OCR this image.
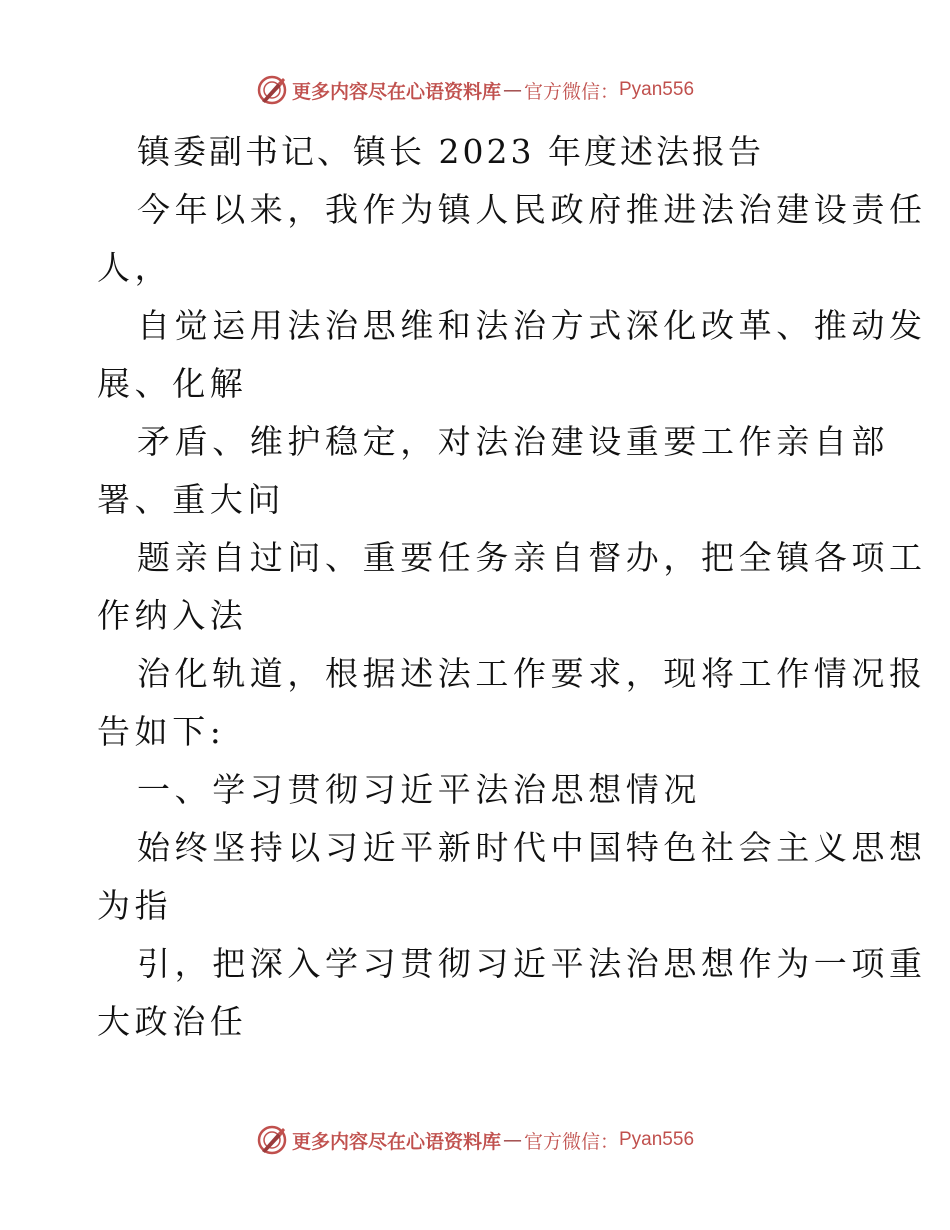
更多内容尽在心语资料库 — 官方微信： Pyan556
镇委副书记、镇长 2023 年度述法报告
今年以来，我作为镇人民政府推进法治建设责任
人，
自觉运用法治思维和法治方式深化改革、推动发
展、化解
矛盾、维护稳定，对法治建设重要工作亲自部
署、重大问
题亲自过问、重要任务亲自督办，把全镇各项工
作纳入法
治化轨道，根据述法工作要求，现将工作情况报
告如下:
一、学习贯彻习近平法治思想情况
始终坚持以习近平新时代中国特色社会主义思想
为指
引，把深入学习贯彻习近平法治思想作为一项重
大政治任
更多内容尽在心语资料库 — 官方微信： Pyan556
